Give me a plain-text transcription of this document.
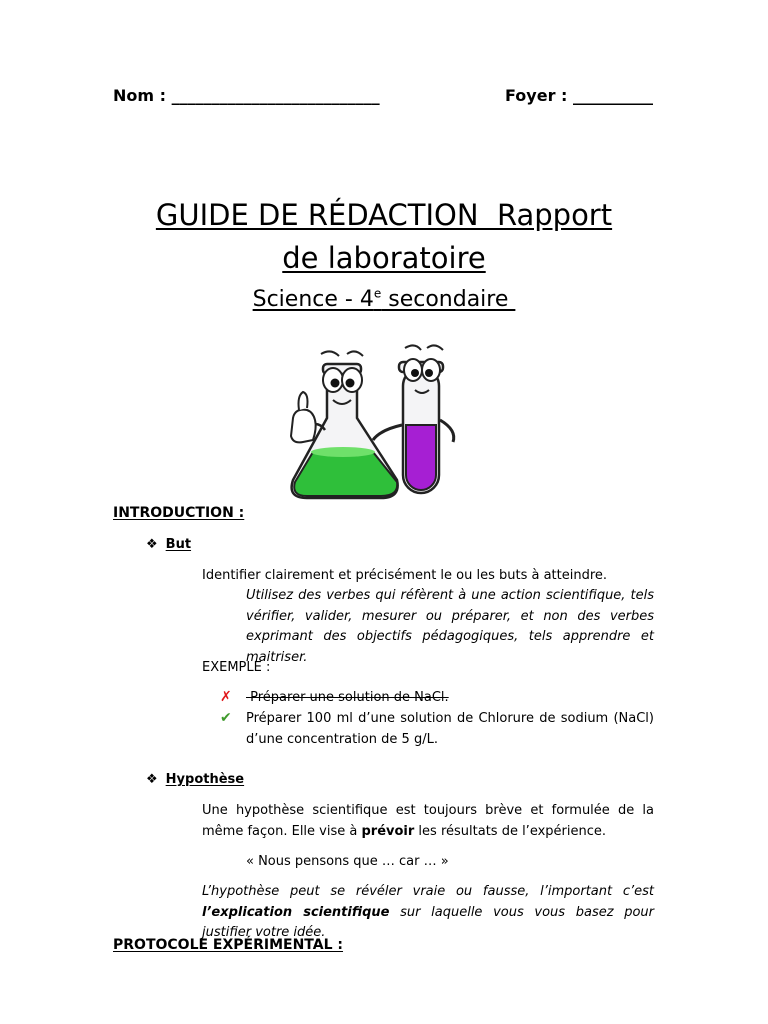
Nom : __________________________	Foyer : __________
GUIDE DE RÉDACTION  Rapport
de laboratoire
Science - 4e secondaire
INTRODUCTION :
❖ But
Identifier clairement et précisément le ou les buts à atteindre.
Utilisez des verbes qui réfèrent à une action scientifique, tels vérifier, valider, mesurer ou préparer, et non des verbes exprimant des objectifs pédagogiques, tels apprendre et maitriser.
EXEMPLE :
✗ Préparer une solution de NaCl.
✔ Préparer 100 ml d’une solution de Chlorure de sodium (NaCl) d’une concentration de 5 g/L.
❖ Hypothèse
Une hypothèse scientifique est toujours brève et formulée de la même façon. Elle vise à prévoir les résultats de l’expérience.
« Nous pensons que … car … »
L’hypothèse peut se révéler vraie ou fausse, l’important c’est l’explication scientifique sur laquelle vous vous basez pour justifier votre idée.
PROTOCOLE EXPÉRIMENTAL :
